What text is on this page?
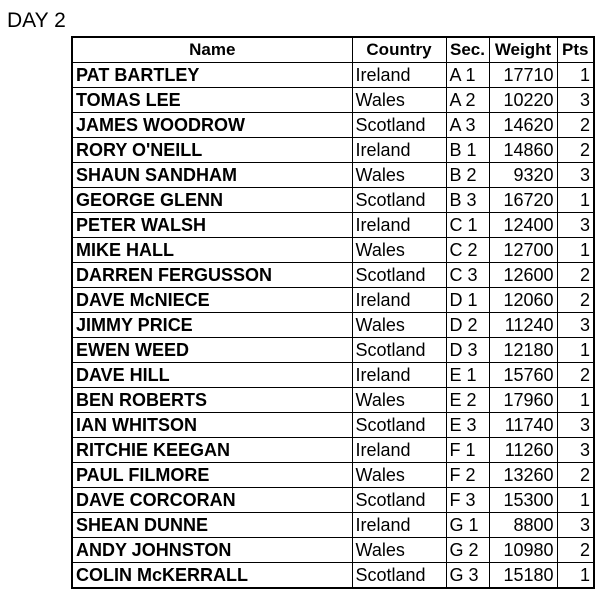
DAY 2
Name	Country	Sec.	Weight	Pts
PAT BARTLEY	Ireland	A 1	17710	1
TOMAS LEE	Wales	A 2	10220	3
JAMES WOODROW	Scotland	A 3	14620	2
RORY O'NEILL	Ireland	B 1	14860	2
SHAUN SANDHAM	Wales	B 2	9320	3
GEORGE GLENN	Scotland	B 3	16720	1
PETER WALSH	Ireland	C 1	12400	3
MIKE HALL	Wales	C 2	12700	1
DARREN FERGUSSON	Scotland	C 3	12600	2
DAVE McNIECE	Ireland	D 1	12060	2
JIMMY PRICE	Wales	D 2	11240	3
EWEN WEED	Scotland	D 3	12180	1
DAVE HILL	Ireland	E 1	15760	2
BEN ROBERTS	Wales	E 2	17960	1
IAN WHITSON	Scotland	E 3	11740	3
RITCHIE KEEGAN	Ireland	F 1	11260	3
PAUL FILMORE	Wales	F 2	13260	2
DAVE CORCORAN	Scotland	F 3	15300	1
SHEAN DUNNE	Ireland	G 1	8800	3
ANDY JOHNSTON	Wales	G 2	10980	2
COLIN McKERRALL	Scotland	G 3	15180	1
